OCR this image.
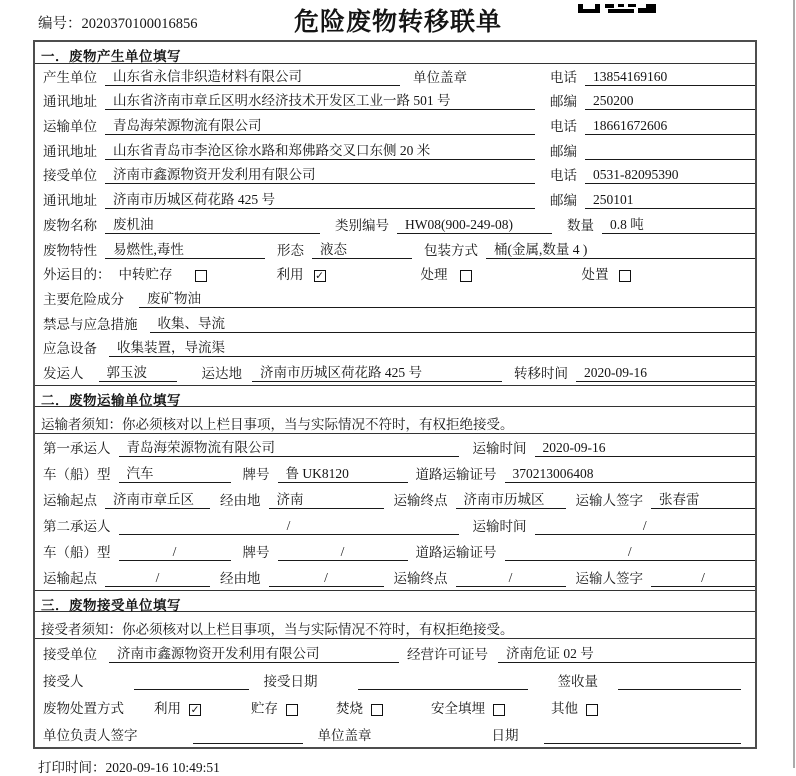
编号：2020370100016856	危险废物转移联单
一．废物产生单位填写
产生单位	山东省永信非织造材料有限公司	单位盖章	电话	13854169160
通讯地址	山东省济南市章丘区明水经济技术开发区工业一路 501 号	邮编	250200
运输单位	青岛海荣源物流有限公司	电话	18661672606
通讯地址	山东省青岛市李沧区徐水路和郑佛路交叉口东侧 20 米	邮编
接受单位	济南市鑫源物资开发利用有限公司	电话	0531-82095390
通讯地址	济南市历城区荷花路 425 号	邮编	250101
废物名称	废机油	类别编号	HW08(900-249-08)	数量	0.8 吨
废物特性	易燃性,毒性	形态	液态	包装方式	桶(金属,数量 4 )
外运目的： 中转贮存	利用 ✓	处理	处置
主要危险成分	废矿物油
禁忌与应急措施	收集、导流
应急设备	收集装置，导流渠
发运人	郭玉波	运达地	济南市历城区荷花路 425 号	转移时间	2020-09-16
二．废物运输单位填写
运输者须知：你必须核对以上栏目事项，当与实际情况不符时，有权拒绝接受。
第一承运人	青岛海荣源物流有限公司	运输时间	2020-09-16
车（船）型	汽车	牌号	鲁 UK8120	道路运输证号	370213006408
运输起点	济南市章丘区	经由地	济南	运输终点	济南市历城区	运输人签字	张春雷
第二承运人	/	运输时间	/
车（船）型	/	牌号	/	道路运输证号	/
运输起点	/	经由地	/	运输终点	/	运输人签字	/
三．废物接受单位填写
接受者须知：你必须核对以上栏目事项，当与实际情况不符时，有权拒绝接受。
接受单位	济南市鑫源物资开发利用有限公司	经营许可证号	济南危证 02 号
接受人	接受日期	签收量
废物处置方式 利用 ✓	贮存	焚烧	安全填埋	其他
单位负责人签字	单位盖章	日期
打印时间：2020-09-16 10:49:51
